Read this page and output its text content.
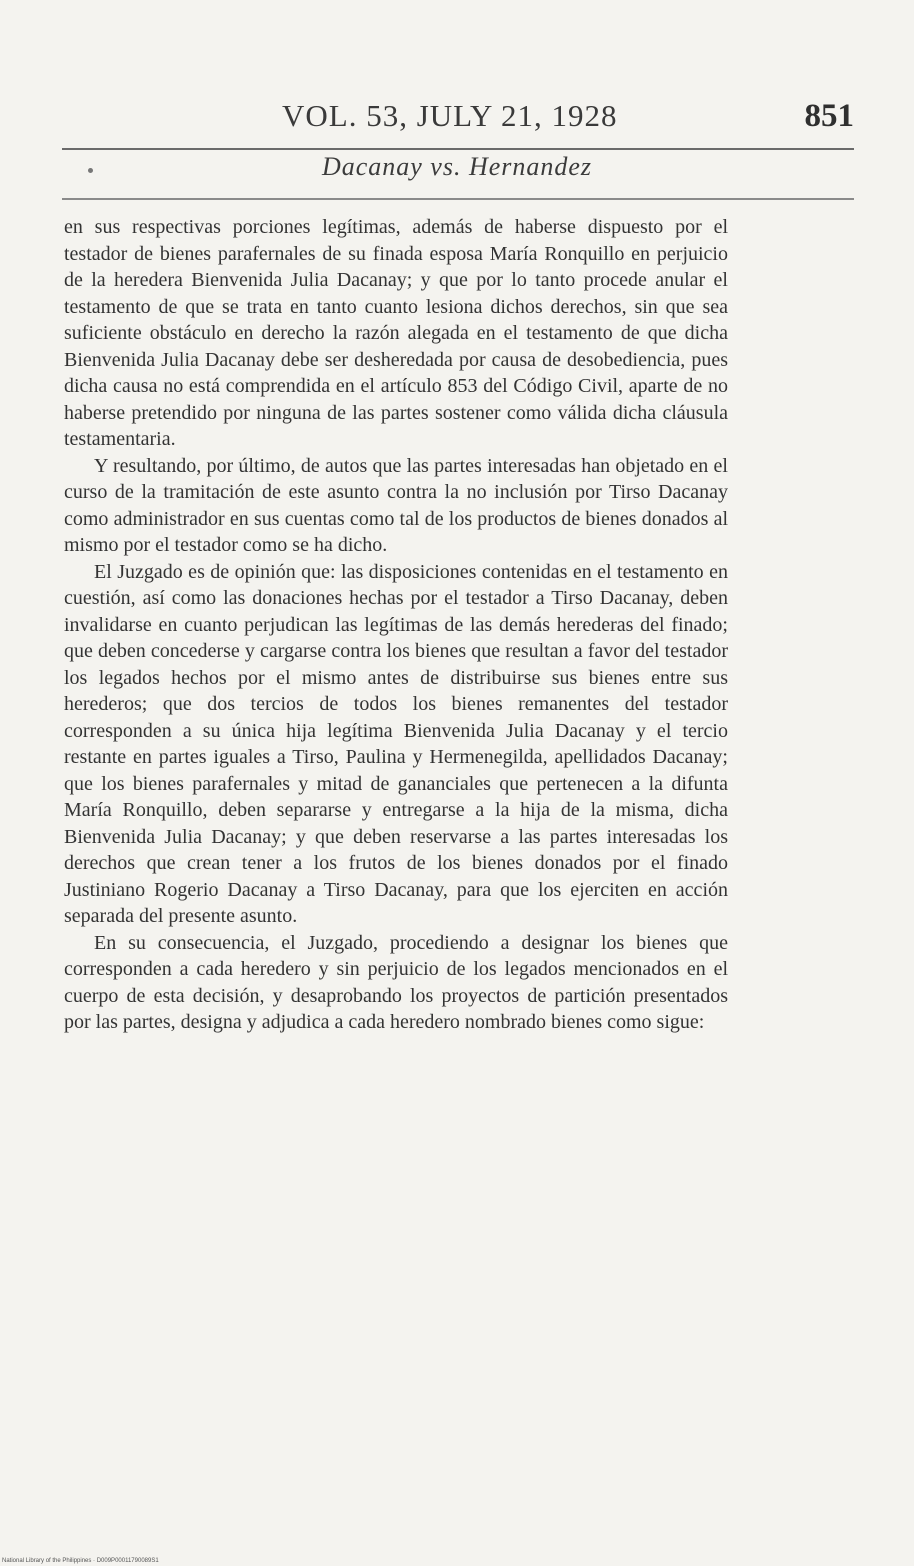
VOL. 53, JULY 21, 1928	851
Dacanay vs. Hernandez

en sus respectivas porciones legítimas, además de haberse dispuesto por el testador de bienes parafernales de su finada esposa María Ronquillo en perjuicio de la heredera Bienvenida Julia Dacanay; y que por lo tanto procede anular el testamento de que se trata en tanto cuanto lesiona dichos derechos, sin que sea suficiente obstáculo en derecho la razón alegada en el testamento de que dicha Bienvenida Julia Dacanay debe ser desheredada por causa de desobediencia, pues dicha causa no está comprendida en el artículo 853 del Código Civil, aparte de no haberse pretendido por ninguna de las partes sostener como válida dicha cláusula testamentaria.

Y resultando, por último, de autos que las partes interesadas han objetado en el curso de la tramitación de este asunto contra la no inclusión por Tirso Dacanay como administrador en sus cuentas como tal de los productos de bienes donados al mismo por el testador como se ha dicho.

El Juzgado es de opinión que: las disposiciones contenidas en el testamento en cuestión, así como las donaciones hechas por el testador a Tirso Dacanay, deben invalidarse en cuanto perjudican las legítimas de las demás herederas del finado; que deben concederse y cargarse contra los bienes que resultan a favor del testador los legados hechos por el mismo antes de distribuirse sus bienes entre sus herederos; que dos tercios de todos los bienes remanentes del testador corresponden a su única hija legítima Bienvenida Julia Dacanay y el tercio restante en partes iguales a Tirso, Paulina y Hermenegilda, apellidados Dacanay; que los bienes parafernales y mitad de gananciales que pertenecen a la difunta María Ronquillo, deben separarse y entregarse a la hija de la misma, dicha Bienvenida Julia Dacanay; y que deben reservarse a las partes interesadas los derechos que crean tener a los frutos de los bienes donados por el finado Justiniano Rogerio Dacanay a Tirso Dacanay, para que los ejerciten en acción separada del presente asunto.

En su consecuencia, el Juzgado, procediendo a designar los bienes que corresponden a cada heredero y sin perjuicio de los legados mencionados en el cuerpo de esta decisión, y desaprobando los proyectos de partición presentados por las partes, designa y adjudica a cada heredero nombrado bienes como sigue:

National Library of the Philippines · D009P00011790089S1
